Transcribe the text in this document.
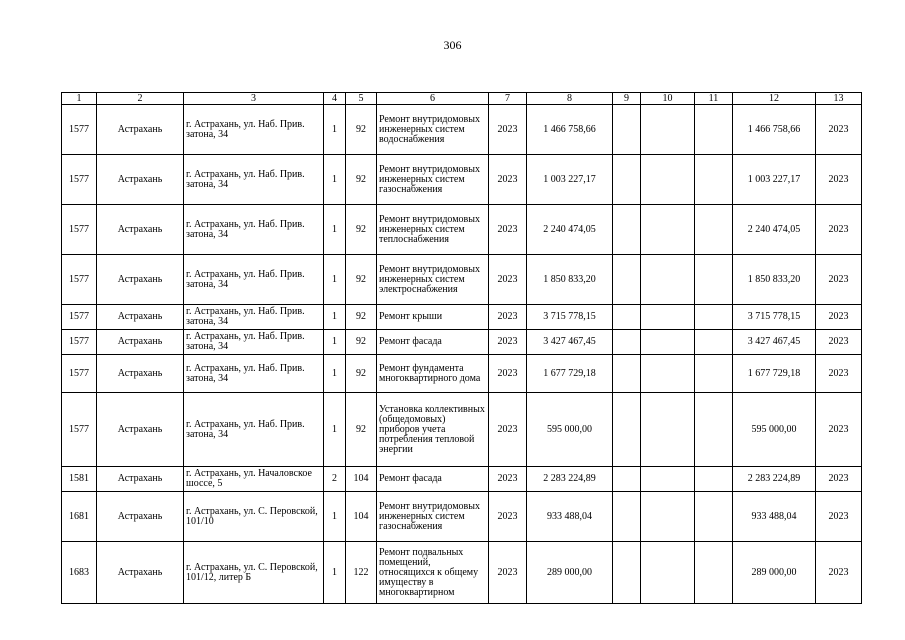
306
1	2	3	4	5	6	7	8	9	10	11	12	13
1577	Астрахань	г. Астрахань, ул. Наб. Прив. затона, 34	1	92	Ремонт внутридомовых инженерных систем водоснабжения	2023	1 466 758,66				1 466 758,66	2023
1577	Астрахань	г. Астрахань, ул. Наб. Прив. затона, 34	1	92	Ремонт внутридомовых инженерных систем газоснабжения	2023	1 003 227,17				1 003 227,17	2023
1577	Астрахань	г. Астрахань, ул. Наб. Прив. затона, 34	1	92	Ремонт внутридомовых инженерных систем теплоснабжения	2023	2 240 474,05				2 240 474,05	2023
1577	Астрахань	г. Астрахань, ул. Наб. Прив. затона, 34	1	92	Ремонт внутридомовых инженерных систем электроснабжения	2023	1 850 833,20				1 850 833,20	2023
1577	Астрахань	г. Астрахань, ул. Наб. Прив. затона, 34	1	92	Ремонт крыши	2023	3 715 778,15				3 715 778,15	2023
1577	Астрахань	г. Астрахань, ул. Наб. Прив. затона, 34	1	92	Ремонт фасада	2023	3 427 467,45				3 427 467,45	2023
1577	Астрахань	г. Астрахань, ул. Наб. Прив. затона, 34	1	92	Ремонт фундамента многоквартирного дома	2023	1 677 729,18				1 677 729,18	2023
1577	Астрахань	г. Астрахань, ул. Наб. Прив. затона, 34	1	92	Установка коллективных (общедомовых) приборов учета потребления тепловой энергии	2023	595 000,00				595 000,00	2023
1581	Астрахань	г. Астрахань, ул. Началовское шоссе, 5	2	104	Ремонт фасада	2023	2 283 224,89				2 283 224,89	2023
1681	Астрахань	г. Астрахань, ул. С. Перовской, 101/10	1	104	Ремонт внутридомовых инженерных систем газоснабжения	2023	933 488,04				933 488,04	2023
1683	Астрахань	г. Астрахань, ул. С. Перовской, 101/12, литер Б	1	122	Ремонт подвальных помещений, относящихся к общему имуществу в многоквартирном	2023	289 000,00				289 000,00	2023
